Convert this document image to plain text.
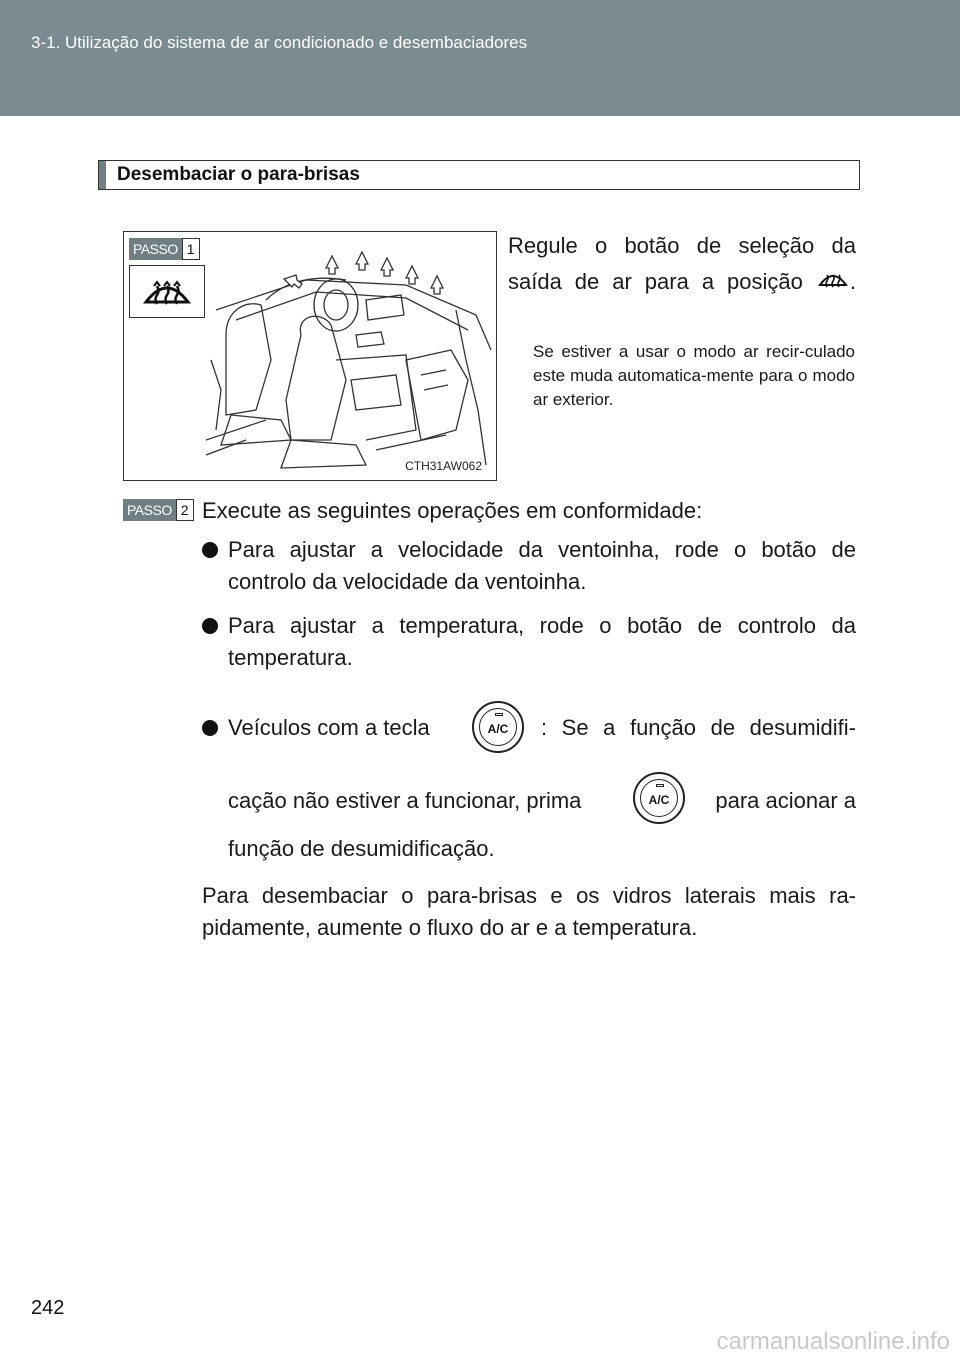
3-1. Utilização do sistema de ar condicionado e desembaciadores
Desembaciar o para-brisas
PASSO 1
CTH31AW062
Regule o botão de seleção da saída de ar para a posição .
Se estiver a usar o modo ar recir-culado este muda automatica-mente para o modo ar exterior.
PASSO 2 Execute as seguintes operações em conformidade:
Para ajustar a velocidade da ventoinha, rode o botão de controlo da velocidade da ventoinha.
Para ajustar a temperatura, rode o botão de controlo da temperatura.
Veículos com a tecla	A/C	: Se a função de desumidifi-
cação não estiver a funcionar, prima	A/C	para acionar a
função de desumidificação.
Para desembaciar o para-brisas e os vidros laterais mais ra-pidamente, aumente o fluxo do ar e a temperatura.
242
carmanualsonline.info
